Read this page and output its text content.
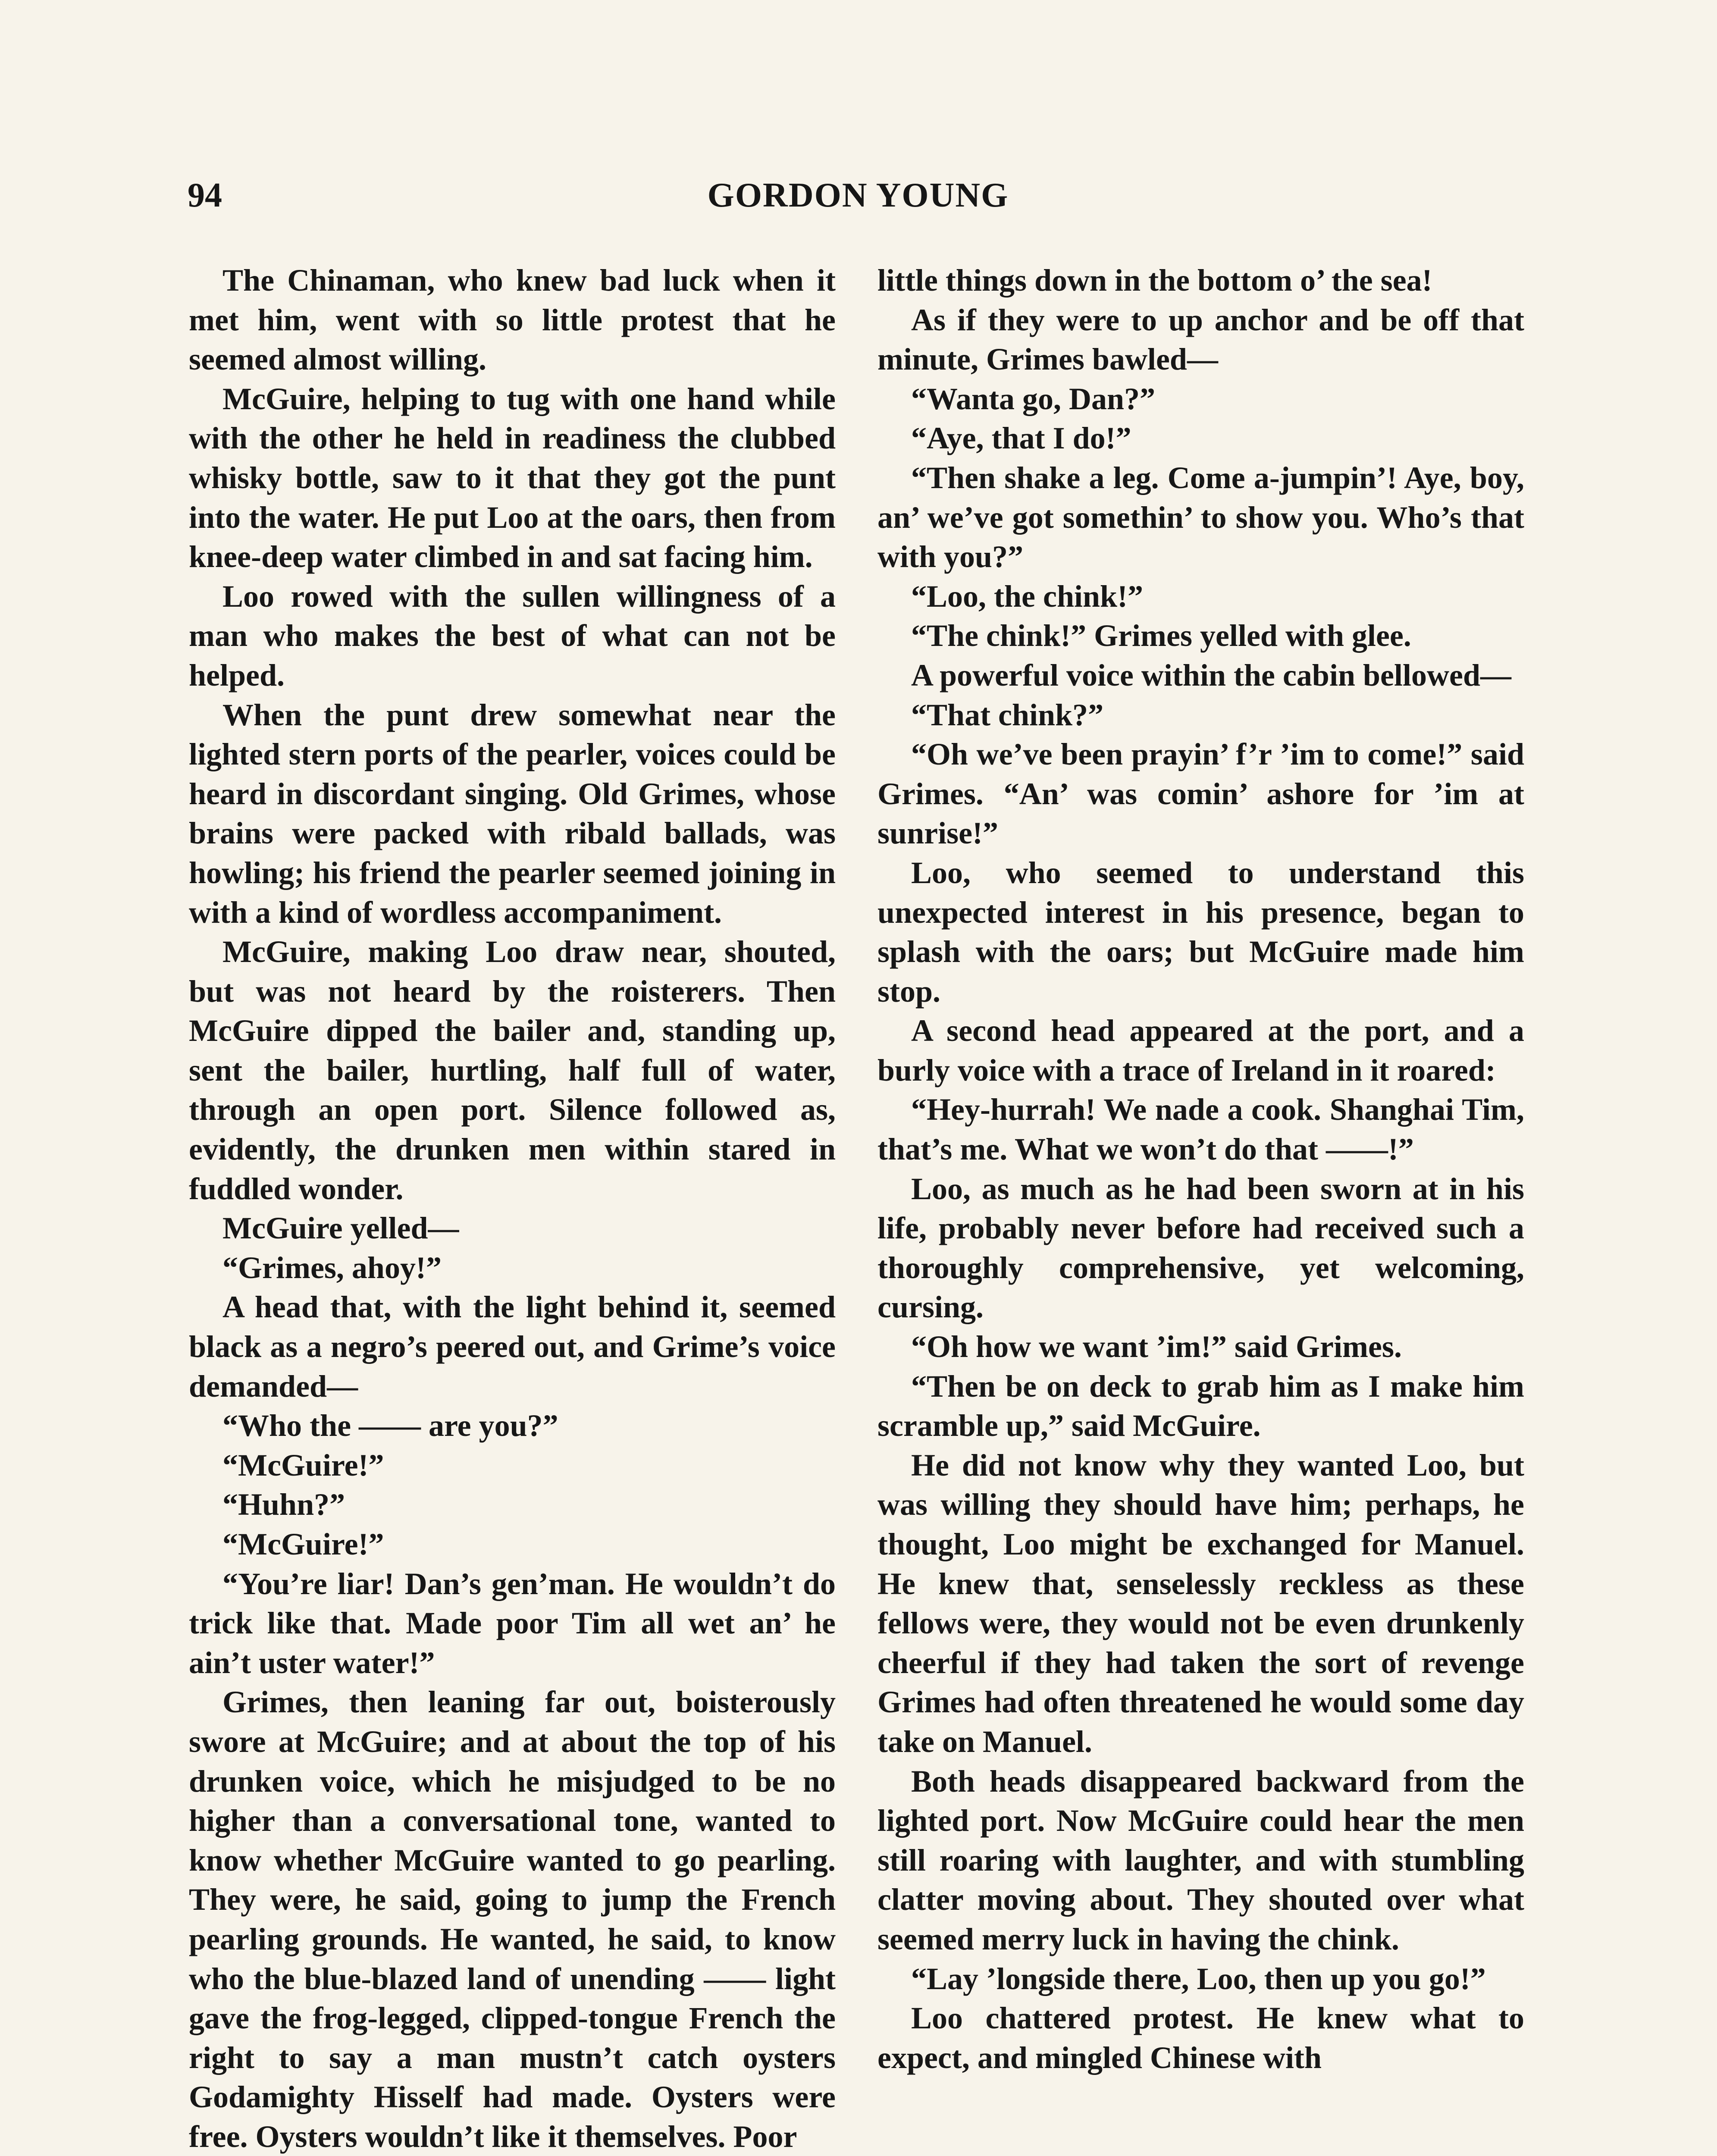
94	GORDON YOUNG

The Chinaman, who knew bad luck when it met him, went with so little protest that he seemed almost willing.

McGuire, helping to tug with one hand while with the other he held in readiness the clubbed whisky bottle, saw to it that they got the punt into the water. He put Loo at the oars, then from knee-deep water climbed in and sat facing him.

Loo rowed with the sullen willingness of a man who makes the best of what can not be helped.

When the punt drew somewhat near the lighted stern ports of the pearler, voices could be heard in discordant singing. Old Grimes, whose brains were packed with ribald ballads, was howling; his friend the pearler seemed joining in with a kind of wordless accompaniment.

McGuire, making Loo draw near, shouted, but was not heard by the roisterers. Then McGuire dipped the bailer and, standing up, sent the bailer, hurtling, half full of water, through an open port. Silence followed as, evidently, the drunken men within stared in fuddled wonder.

McGuire yelled—

“Grimes, ahoy!”

A head that, with the light behind it, seemed black as a negro’s peered out, and Grime’s voice demanded—

“Who the —— are you?”

“McGuire!”

“Huhn?”

“McGuire!”

“You’re liar! Dan’s gen’man. He wouldn’t do trick like that. Made poor Tim all wet an’ he ain’t uster water!”

Grimes, then leaning far out, boisterously swore at McGuire; and at about the top of his drunken voice, which he misjudged to be no higher than a conversational tone, wanted to know whether McGuire wanted to go pearling. They were, he said, going to jump the French pearling grounds. He wanted, he said, to know who the blue-blazed land of unending —— light gave the frog-legged, clipped-tongue French the right to say a man mustn’t catch oysters Godamighty Hisself had made. Oysters were free. Oysters wouldn’t like it themselves. Poor

little things down in the bottom o’ the sea!

As if they were to up anchor and be off that minute, Grimes bawled—

“Wanta go, Dan?”

“Aye, that I do!”

“Then shake a leg. Come a-jumpin’! Aye, boy, an’ we’ve got somethin’ to show you. Who’s that with you?”

“Loo, the chink!”

“The chink!” Grimes yelled with glee.

A powerful voice within the cabin bellowed—

“That chink?”

“Oh we’ve been prayin’ f’r ’im to come!” said Grimes. “An’ was comin’ ashore for ’im at sunrise!”

Loo, who seemed to understand this unexpected interest in his presence, began to splash with the oars; but McGuire made him stop.

A second head appeared at the port, and a burly voice with a trace of Ireland in it roared:

“Hey-hurrah! We nade a cook. Shanghai Tim, that’s me. What we won’t do that ——!”

Loo, as much as he had been sworn at in his life, probably never before had received such a thoroughly comprehensive, yet welcoming, cursing.

“Oh how we want ’im!” said Grimes.

“Then be on deck to grab him as I make him scramble up,” said McGuire.

He did not know why they wanted Loo, but was willing they should have him; perhaps, he thought, Loo might be exchanged for Manuel. He knew that, senselessly reckless as these fellows were, they would not be even drunkenly cheerful if they had taken the sort of revenge Grimes had often threatened he would some day take on Manuel.

Both heads disappeared backward from the lighted port. Now McGuire could hear the men still roaring with laughter, and with stumbling clatter moving about. They shouted over what seemed merry luck in having the chink.

“Lay ’longside there, Loo, then up you go!”

Loo chattered protest. He knew what to expect, and mingled Chinese with
